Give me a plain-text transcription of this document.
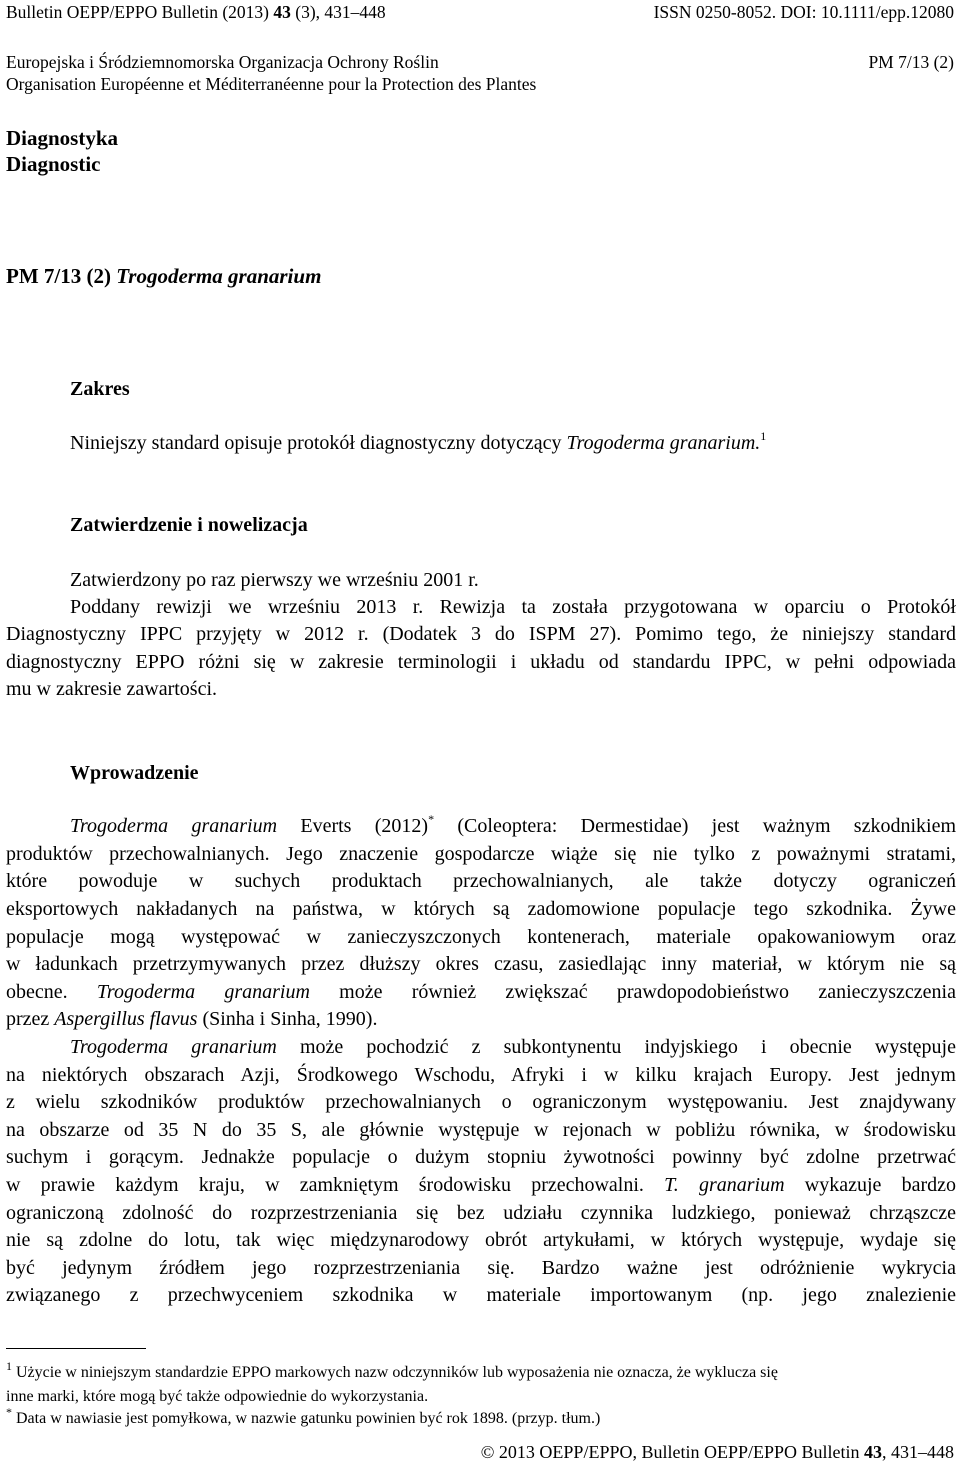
Bulletin OEPP/EPPO Bulletin (2013) 43 (3), 431–448	ISSN 0250-8052. DOI: 10.1111/epp.12080
Europejska i Śródziemnomorska Organizacja Ochrony Roślin	PM 7/13 (2)
Organisation Européenne et Méditerranéenne pour la Protection des Plantes
Diagnostyka
Diagnostic
PM 7/13 (2) Trogoderma granarium
Zakres
Niniejszy standard opisuje protokół diagnostyczny dotyczący Trogoderma granarium.$^1$
Zatwierdzenie i nowelizacja
Zatwierdzony po raz pierwszy we wrześniu 2001 r.
Poddany rewizji we wrześniu 2013 r. Rewizja ta została przygotowana w oparciu o Protokół
Diagnostyczny IPPC przyjęty w 2012 r. (Dodatek 3 do ISPM 27). Pomimo tego, że niniejszy standard
diagnostyczny EPPO różni się w zakresie terminologii i układu od standardu IPPC, w pełni odpowiada
mu w zakresie zawartości.
Wprowadzenie
Trogoderma granarium Everts (2012)* (Coleoptera: Dermestidae) jest ważnym szkodnikiem
produktów przechowalnianych. Jego znaczenie gospodarcze wiąże się nie tylko z poważnymi stratami,
które powoduje w suchych produktach przechowalnianych, ale także dotyczy ograniczeń
eksportowych nakładanych na państwa, w których są zadomowione populacje tego szkodnika. Żywe
populacje mogą występować w zanieczyszczonych kontenerach, materiale opakowaniowym oraz
w ładunkach przetrzymywanych przez dłuższy okres czasu, zasiedlając inny materiał, w którym nie są
obecne. Trogoderma granarium może również zwiększać prawdopodobieństwo zanieczyszczenia
przez Aspergillus flavus (Sinha i Sinha, 1990).
Trogoderma granarium może pochodzić z subkontynentu indyjskiego i obecnie występuje
na niektórych obszarach Azji, Środkowego Wschodu, Afryki i w kilku krajach Europy. Jest jednym
z wielu szkodników produktów przechowalnianych o ograniczonym występowaniu. Jest znajdywany
na obszarze od 35 N do 35 S, ale głównie występuje w rejonach w pobliżu równika, w środowisku
suchym i gorącym. Jednakże populacje o dużym stopniu żywotności powinny być zdolne przetrwać
w prawie każdym kraju, w zamkniętym środowisku przechowalni. T. granarium wykazuje bardzo
ograniczoną zdolność do rozprzestrzeniania się bez udziału czynnika ludzkiego, ponieważ chrząszcze
nie są zdolne do lotu, tak więc międzynarodowy obrót artykułami, w których występuje, wydaje się
być jedynym źródłem jego rozprzestrzeniania się. Bardzo ważne jest odróżnienie wykrycia
związanego z przechwyceniem szkodnika w materiale importowanym (np. jego znalezienie
$^1$ Użycie w niniejszym standardzie EPPO markowych nazw odczynników lub wyposażenia nie oznacza, że wyklucza się
inne marki, które mogą być także odpowiednie do wykorzystania.
* Data w nawiasie jest pomyłkowa, w nazwie gatunku powinien być rok 1898. (przyp. tłum.)
© 2013 OEPP/EPPO, Bulletin OEPP/EPPO Bulletin 43, 431–448
